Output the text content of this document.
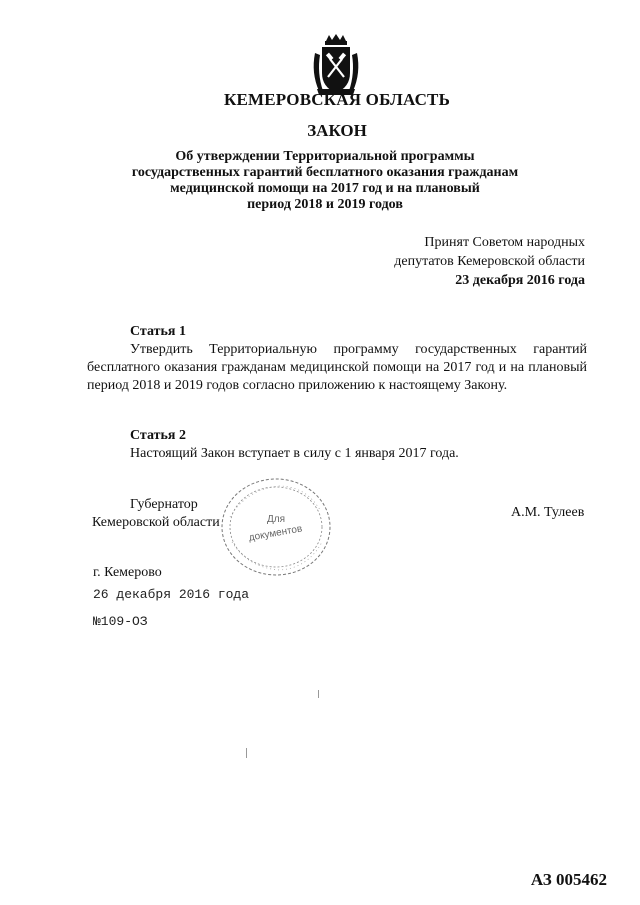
КЕМЕРОВСКАЯ ОБЛАСТЬ
ЗАКОН
Об утверждении Территориальной программы
государственных гарантий бесплатного оказания гражданам
медицинской помощи на 2017 год и на плановый
период 2018 и 2019 годов
Принят Советом народных
депутатов Кемеровской области
23 декабря 2016 года
Статья 1
Утвердить Территориальную программу государственных гарантий бесплатного оказания гражданам медицинской помощи на 2017 год и на плановый период 2018 и 2019 годов согласно приложению к настоящему Закону.
Статья 2
Настоящий Закон вступает в силу с 1 января 2017 года.
Губернатор
Кемеровской области
А.М. Тулеев
Для
документов
г. Кемерово
26 декабря 2016 года
№109-ОЗ
АЗ 005462
